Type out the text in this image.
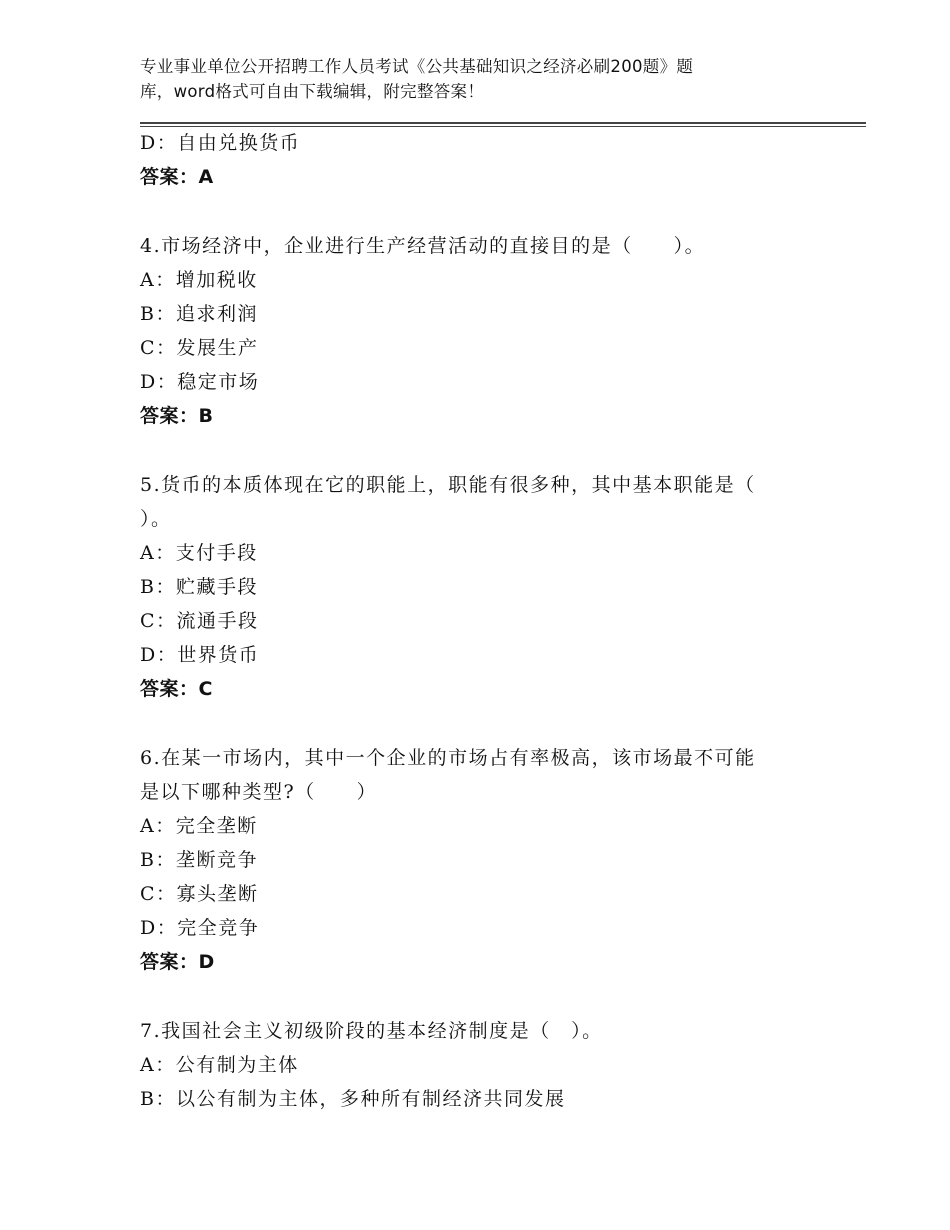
专业事业单位公开招聘工作人员考试《公共基础知识之经济必刷200题》题
库，word格式可自由下载编辑，附完整答案！
D：自由兑换货币
答案：A
4.市场经济中，企业进行生产经营活动的直接目的是（　　）。
A：增加税收
B：追求利润
C：发展生产
D：稳定市场
答案：B
5.货币的本质体现在它的职能上，职能有很多种，其中基本职能是（
）。
A：支付手段
B：贮藏手段
C：流通手段
D：世界货币
答案：C
6.在某一市场内，其中一个企业的市场占有率极高，该市场最不可能
是以下哪种类型?（　　）
A：完全垄断
B：垄断竞争
C：寡头垄断
D：完全竞争
答案：D
7.我国社会主义初级阶段的基本经济制度是（　）。
A：公有制为主体
B：以公有制为主体，多种所有制经济共同发展
